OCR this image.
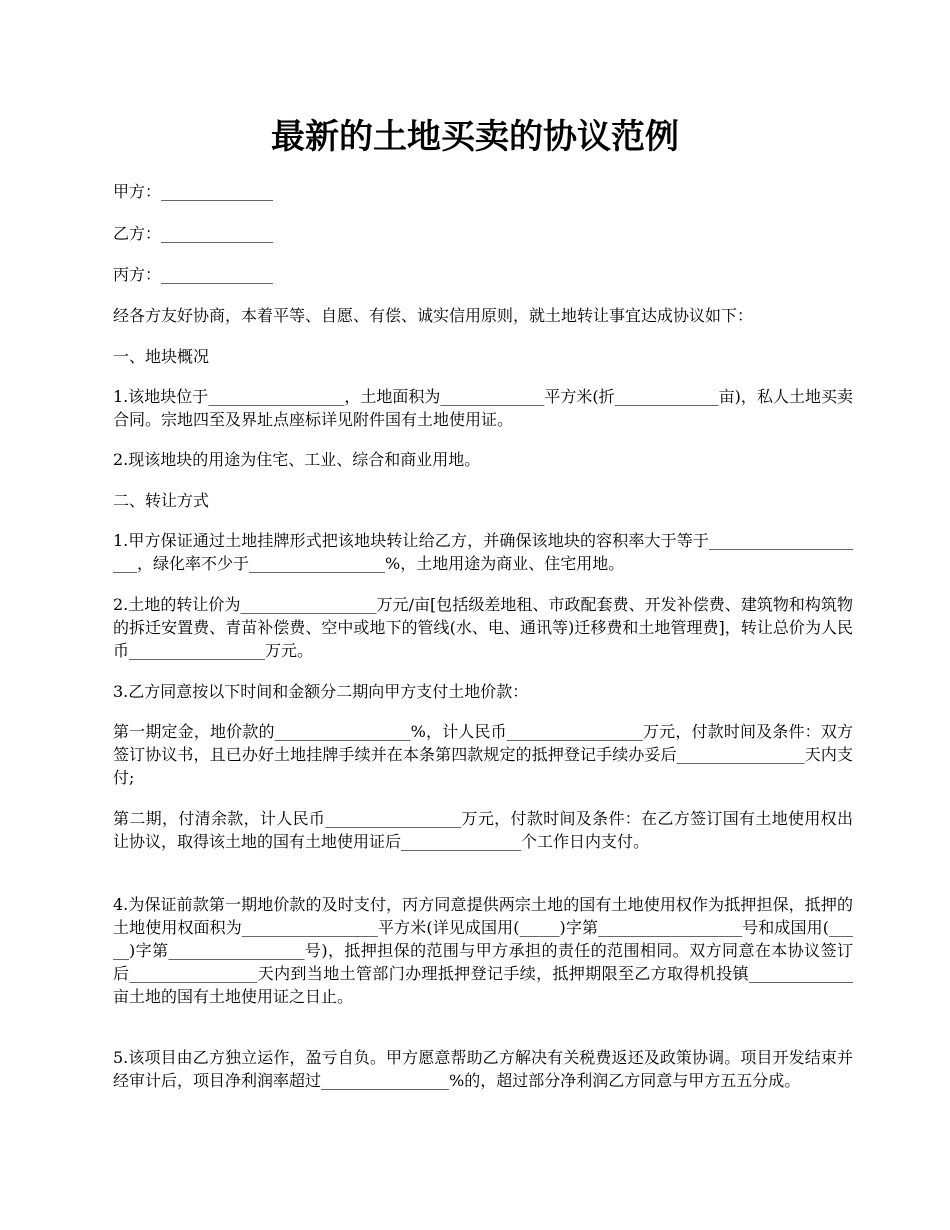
最新的土地买卖的协议范例

甲方：______________

乙方：______________

丙方：______________

经各方友好协商，本着平等、自愿、有偿、诚实信用原则，就土地转让事宜达成协议如下：

一、地块概况

1.该地块位于_________________，土地面积为_____________平方米(折_____________亩)，私人土地买卖合同。宗地四至及界址点座标详见附件国有土地使用证。

2.现该地块的用途为住宅、工业、综合和商业用地。

二、转让方式

1.甲方保证通过土地挂牌形式把该地块转让给乙方，并确保该地块的容积率大于等于_____________________，绿化率不少于_________________%，土地用途为商业、住宅用地。

2.土地的转让价为_________________万元/亩[包括级差地租、市政配套费、开发补偿费、建筑物和构筑物的拆迁安置费、青苗补偿费、空中或地下的管线(水、电、通讯等)迁移费和土地管理费]，转让总价为人民币_________________万元。

3.乙方同意按以下时间和金额分二期向甲方支付土地价款：

第一期定金，地价款的_________________%，计人民币_________________万元，付款时间及条件：双方签订协议书，且已办好土地挂牌手续并在本条第四款规定的抵押登记手续办妥后________________天内支付;

第二期，付清余款，计人民币_________________万元，付款时间及条件：在乙方签订国有土地使用权出让协议，取得该土地的国有土地使用证后_______________个工作日内支付。

4.为保证前款第一期地价款的及时支付，丙方同意提供两宗土地的国有土地使用权作为抵押担保，抵押的土地使用权面积为_________________平方米(详见成国用(_____)字第__________________号和成国用(_____)字第_________________号)，抵押担保的范围与甲方承担的责任的范围相同。双方同意在本协议签订后________________天内到当地土管部门办理抵押登记手续，抵押期限至乙方取得机投镇_____________亩土地的国有土地使用证之日止。

5.该项目由乙方独立运作，盈亏自负。甲方愿意帮助乙方解决有关税费返还及政策协调。项目开发结束并经审计后，项目净利润率超过________________%的，超过部分净利润乙方同意与甲方五五分成。
